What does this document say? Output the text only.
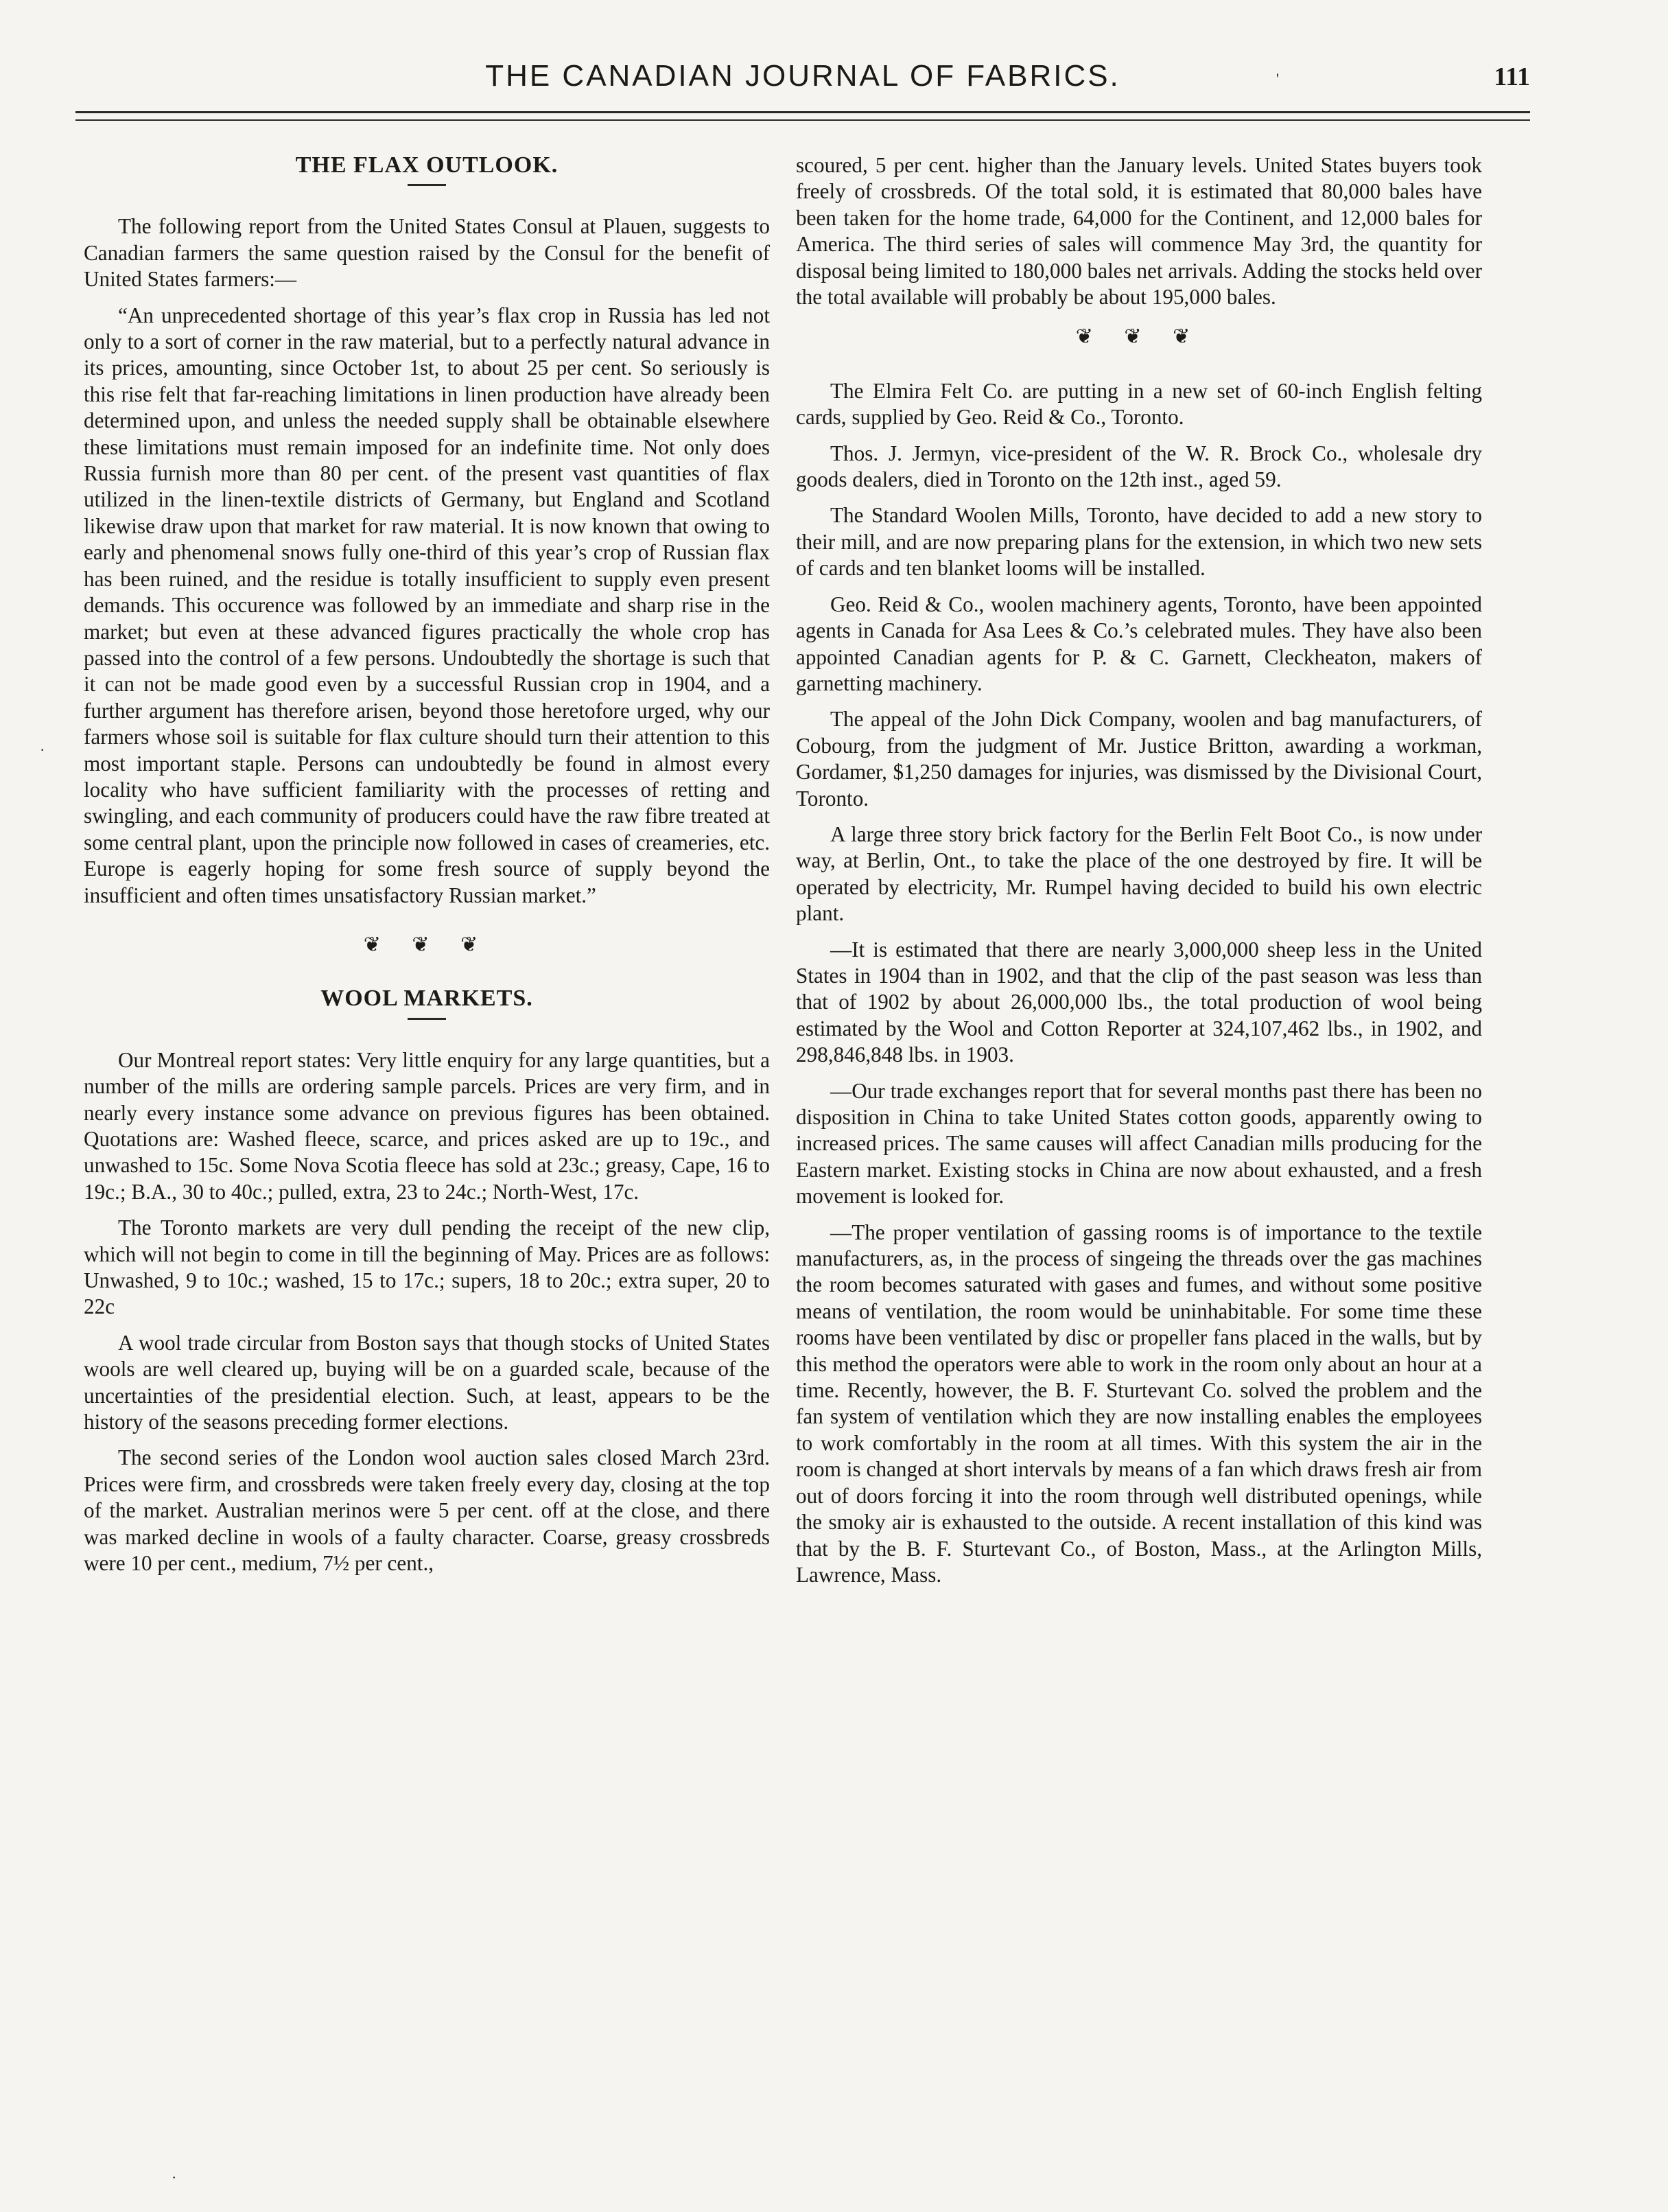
THE CANADIAN JOURNAL OF FABRICS.	111
THE FLAX OUTLOOK.

The following report from the United States Consul at Plauen, suggests to Canadian farmers the same question raised by the Consul for the benefit of United States farmers:—

“An unprecedented shortage of this year’s flax crop in Russia has led not only to a sort of corner in the raw material, but to a perfectly natural advance in its prices, amounting, since October 1st, to about 25 per cent. So seriously is this rise felt that far-reaching limitations in linen production have already been determined upon, and unless the needed supply shall be obtainable elsewhere these limitations must remain imposed for an indefinite time. Not only does Russia furnish more than 80 per cent. of the present vast quantities of flax utilized in the linen-textile districts of Germany, but England and Scotland likewise draw upon that market for raw material. It is now known that owing to early and phenomenal snows fully one-third of this year’s crop of Russian flax has been ruined, and the residue is totally insufficient to supply even present demands. This occurence was followed by an immediate and sharp rise in the market; but even at these advanced figures practically the whole crop has passed into the control of a few persons. Undoubtedly the shortage is such that it can not be made good even by a successful Russian crop in 1904, and a further argument has therefore arisen, beyond those heretofore urged, why our farmers whose soil is suitable for flax culture should turn their attention to this most important staple. Persons can undoubtedly be found in almost every locality who have sufficient familiarity with the processes of retting and swingling, and each community of producers could have the raw fibre treated at some central plant, upon the principle now followed in cases of creameries, etc. Europe is eagerly hoping for some fresh source of supply beyond the insufficient and often times unsatisfactory Russian market.”

❦ ❦ ❦
WOOL MARKETS.

Our Montreal report states: Very little enquiry for any large quantities, but a number of the mills are ordering sample parcels. Prices are very firm, and in nearly every instance some advance on previous figures has been obtained. Quotations are: Washed fleece, scarce, and prices asked are up to 19c., and unwashed to 15c. Some Nova Scotia fleece has sold at 23c.; greasy, Cape, 16 to 19c.; B.A., 30 to 40c.; pulled, extra, 23 to 24c.; North-West, 17c.

The Toronto markets are very dull pending the receipt of the new clip, which will not begin to come in till the beginning of May. Prices are as follows: Unwashed, 9 to 10c.; washed, 15 to 17c.; supers, 18 to 20c.; extra super, 20 to 22c

A wool trade circular from Boston says that though stocks of United States wools are well cleared up, buying will be on a guarded scale, because of the uncertainties of the presidential election. Such, at least, appears to be the history of the seasons preceding former elections.

The second series of the London wool auction sales closed March 23rd. Prices were firm, and crossbreds were taken freely every day, closing at the top of the market. Australian merinos were 5 per cent. off at the close, and there was marked decline in wools of a faulty character. Coarse, greasy crossbreds were 10 per cent., medium, 7½ per cent.,

scoured, 5 per cent. higher than the January levels. United States buyers took freely of crossbreds. Of the total sold, it is estimated that 80,000 bales have been taken for the home trade, 64,000 for the Continent, and 12,000 bales for America. The third series of sales will commence May 3rd, the quantity for disposal being limited to 180,000 bales net arrivals. Adding the stocks held over the total available will probably be about 195,000 bales.

❦ ❦ ❦

The Elmira Felt Co. are putting in a new set of 60-inch English felting cards, supplied by Geo. Reid & Co., Toronto.

Thos. J. Jermyn, vice-president of the W. R. Brock Co., wholesale dry goods dealers, died in Toronto on the 12th inst., aged 59.

The Standard Woolen Mills, Toronto, have decided to add a new story to their mill, and are now preparing plans for the extension, in which two new sets of cards and ten blanket looms will be installed.

Geo. Reid & Co., woolen machinery agents, Toronto, have been appointed agents in Canada for Asa Lees & Co.’s celebrated mules. They have also been appointed Canadian agents for P. & C. Garnett, Cleckheaton, makers of garnetting machinery.

The appeal of the John Dick Company, woolen and bag manufacturers, of Cobourg, from the judgment of Mr. Justice Britton, awarding a workman, Gordamer, $1,250 damages for injuries, was dismissed by the Divisional Court, Toronto.

A large three story brick factory for the Berlin Felt Boot Co., is now under way, at Berlin, Ont., to take the place of the one destroyed by fire. It will be operated by electricity, Mr. Rumpel having decided to build his own electric plant.

—It is estimated that there are nearly 3,000,000 sheep less in the United States in 1904 than in 1902, and that the clip of the past season was less than that of 1902 by about 26,000,000 lbs., the total production of wool being estimated by the Wool and Cotton Reporter at 324,107,462 lbs., in 1902, and 298,846,848 lbs. in 1903.

—Our trade exchanges report that for several months past there has been no disposition in China to take United States cotton goods, apparently owing to increased prices. The same causes will affect Canadian mills producing for the Eastern market. Existing stocks in China are now about exhausted, and a fresh movement is looked for.

—The proper ventilation of gassing rooms is of importance to the textile manufacturers, as, in the process of singeing the threads over the gas machines the room becomes saturated with gases and fumes, and without some positive means of ventilation, the room would be uninhabitable. For some time these rooms have been ventilated by disc or propeller fans placed in the walls, but by this method the operators were able to work in the room only about an hour at a time. Recently, however, the B. F. Sturtevant Co. solved the problem and the fan system of ventilation which they are now installing enables the employees to work comfortably in the room at all times. With this system the air in the room is changed at short intervals by means of a fan which draws fresh air from out of doors forcing it into the room through well distributed openings, while the smoky air is exhausted to the outside. A recent installation of this kind was that by the B. F. Sturtevant Co., of Boston, Mass., at the Arlington Mills, Lawrence, Mass.

·
'
·
